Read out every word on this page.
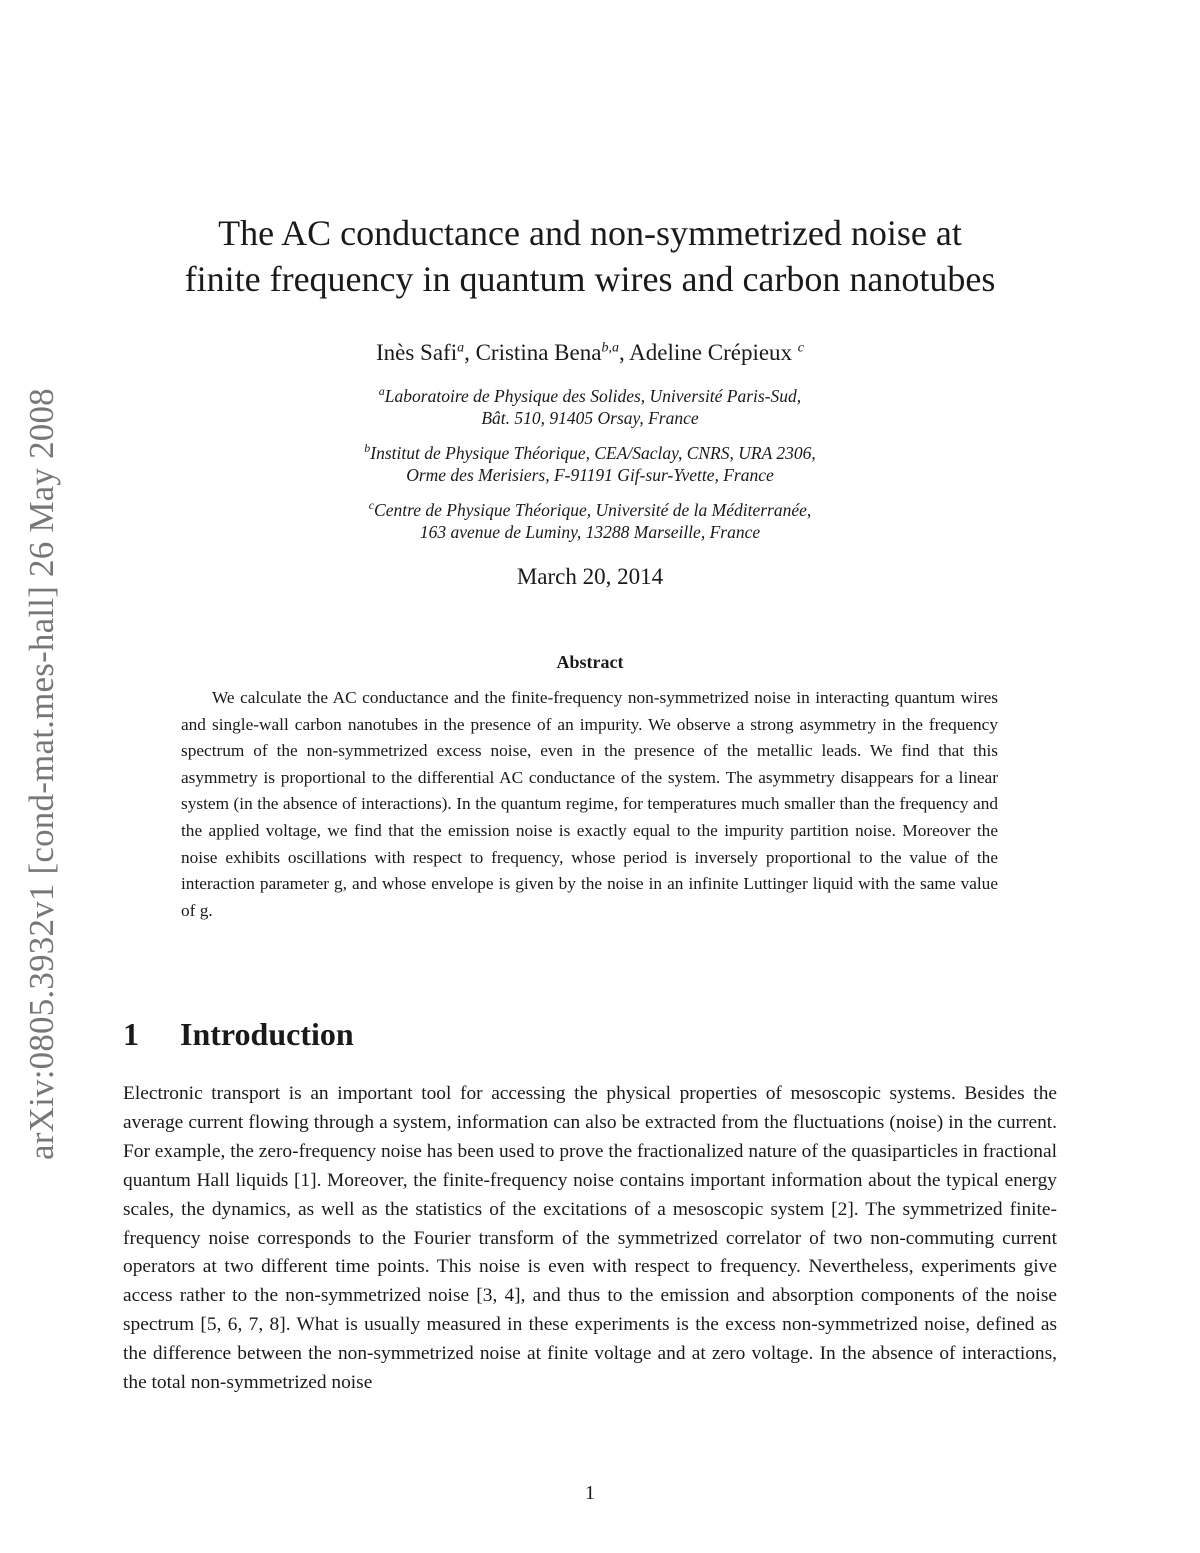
arXiv:0805.3932v1 [cond-mat.mes-hall] 26 May 2008
The AC conductance and non-symmetrized noise at
finite frequency in quantum wires and carbon nanotubes
Inès Safi$^a$, Cristina Bena$^{b,a}$, Adeline Crépieux $^c$
$^a$Laboratoire de Physique des Solides, Université Paris-Sud,
Bât. 510, 91405 Orsay, France
$^b$Institut de Physique Théorique, CEA/Saclay, CNRS, URA 2306,
Orme des Merisiers, F-91191 Gif-sur-Yvette, France
$^c$Centre de Physique Théorique, Université de la Méditerranée,
163 avenue de Luminy, 13288 Marseille, France
March 20, 2014
Abstract
We calculate the AC conductance and the finite-frequency non-symmetrized noise in interacting quantum wires and single-wall carbon nanotubes in the presence of an impurity. We observe a strong asymmetry in the frequency spectrum of the non-symmetrized excess noise, even in the presence of the metallic leads. We find that this asymmetry is proportional to the differential AC conductance of the system. The asymmetry disappears for a linear system (in the absence of interactions). In the quantum regime, for temperatures much smaller than the frequency and the applied voltage, we find that the emission noise is exactly equal to the impurity partition noise. Moreover the noise exhibits oscillations with respect to frequency, whose period is inversely proportional to the value of the interaction parameter g, and whose envelope is given by the noise in an infinite Luttinger liquid with the same value of g.
1 Introduction
Electronic transport is an important tool for accessing the physical properties of mesoscopic systems. Besides the average current flowing through a system, information can also be extracted from the fluctuations (noise) in the current. For example, the zero-frequency noise has been used to prove the fractionalized nature of the quasiparticles in fractional quantum Hall liquids [1]. Moreover, the finite-frequency noise contains important information about the typical energy scales, the dynamics, as well as the statistics of the excitations of a mesoscopic system [2]. The symmetrized finite-frequency noise corresponds to the Fourier transform of the symmetrized correlator of two non-commuting current operators at two different time points. This noise is even with respect to frequency. Nevertheless, experiments give access rather to the non-symmetrized noise [3, 4], and thus to the emission and absorption components of the noise spectrum [5, 6, 7, 8]. What is usually measured in these experiments is the excess non-symmetrized noise, defined as the difference between the non-symmetrized noise at finite voltage and at zero voltage. In the absence of interactions, the total non-symmetrized noise
1
